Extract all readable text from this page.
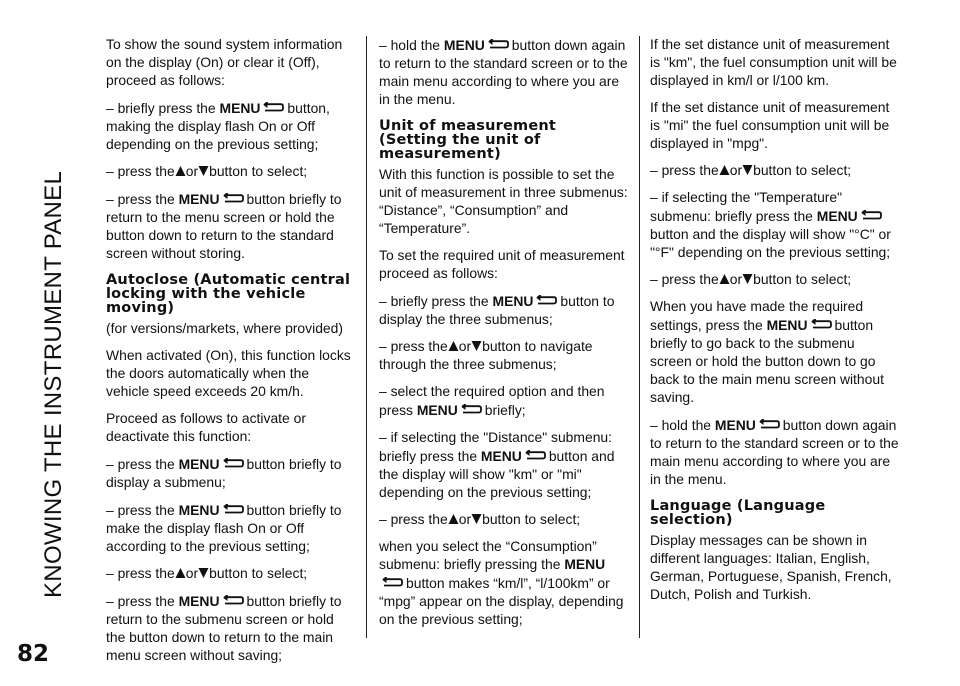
KNOWING THE INSTRUMENT PANEL
82

To show the sound system information on the display (On) or clear it (Off), proceed as follows:

– briefly press the MENU button, making the display flash On or Off depending on the previous setting;

– press the or button to select;

– press the MENU button briefly to return to the menu screen or hold the button down to return to the standard screen without storing.

Autoclose (Automatic central locking with the vehicle moving)

(for versions/markets, where provided)

When activated (On), this function locks the doors automatically when the vehicle speed exceeds 20 km/h.

Proceed as follows to activate or deactivate this function:

– press the MENU button briefly to display a submenu;

– press the MENU button briefly to make the display flash On or Off according to the previous setting;

– press the or button to select;

– press the MENU button briefly to return to the submenu screen or hold the button down to return to the main menu screen without saving;

– hold the MENU button down again to return to the standard screen or to the main menu according to where you are in the menu.

Unit of measurement (Setting the unit of measurement)

With this function is possible to set the unit of measurement in three submenus: “Distance”, “Consumption” and “Temperature”.

To set the required unit of measurement proceed as follows:

– briefly press the MENU button to display the three submenus;

– press the or button to navigate through the three submenus;

– select the required option and then press MENU briefly;

– if selecting the "Distance" submenu: briefly press the MENU button and the display will show "km" or "mi" depending on the previous setting;

– press the or button to select;

when you select the “Consumption” submenu: briefly pressing the MENUbutton makes “km/l”, “l/100km” or “mpg” appear on the display, depending on the previous setting;

If the set distance unit of measurement is "km", the fuel consumption unit will be displayed in km/l or l/100 km.

If the set distance unit of measurement is "mi" the fuel consumption unit will be displayed in "mpg".

– press the or button to select;

– if selecting the "Temperature" submenu: briefly press the MENUbutton and the display will show "°C" or "°F" depending on the previous setting;

– press the or button to select;

When you have made the required settings, press the MENU button briefly to go back to the submenu screen or hold the button down to go back to the main menu screen without saving.

– hold the MENU button down again to return to the standard screen or to the main menu according to where you are in the menu.

Language (Language selection)

Display messages can be shown in different languages: Italian, English, German, Portuguese, Spanish, French, Dutch, Polish and Turkish.
